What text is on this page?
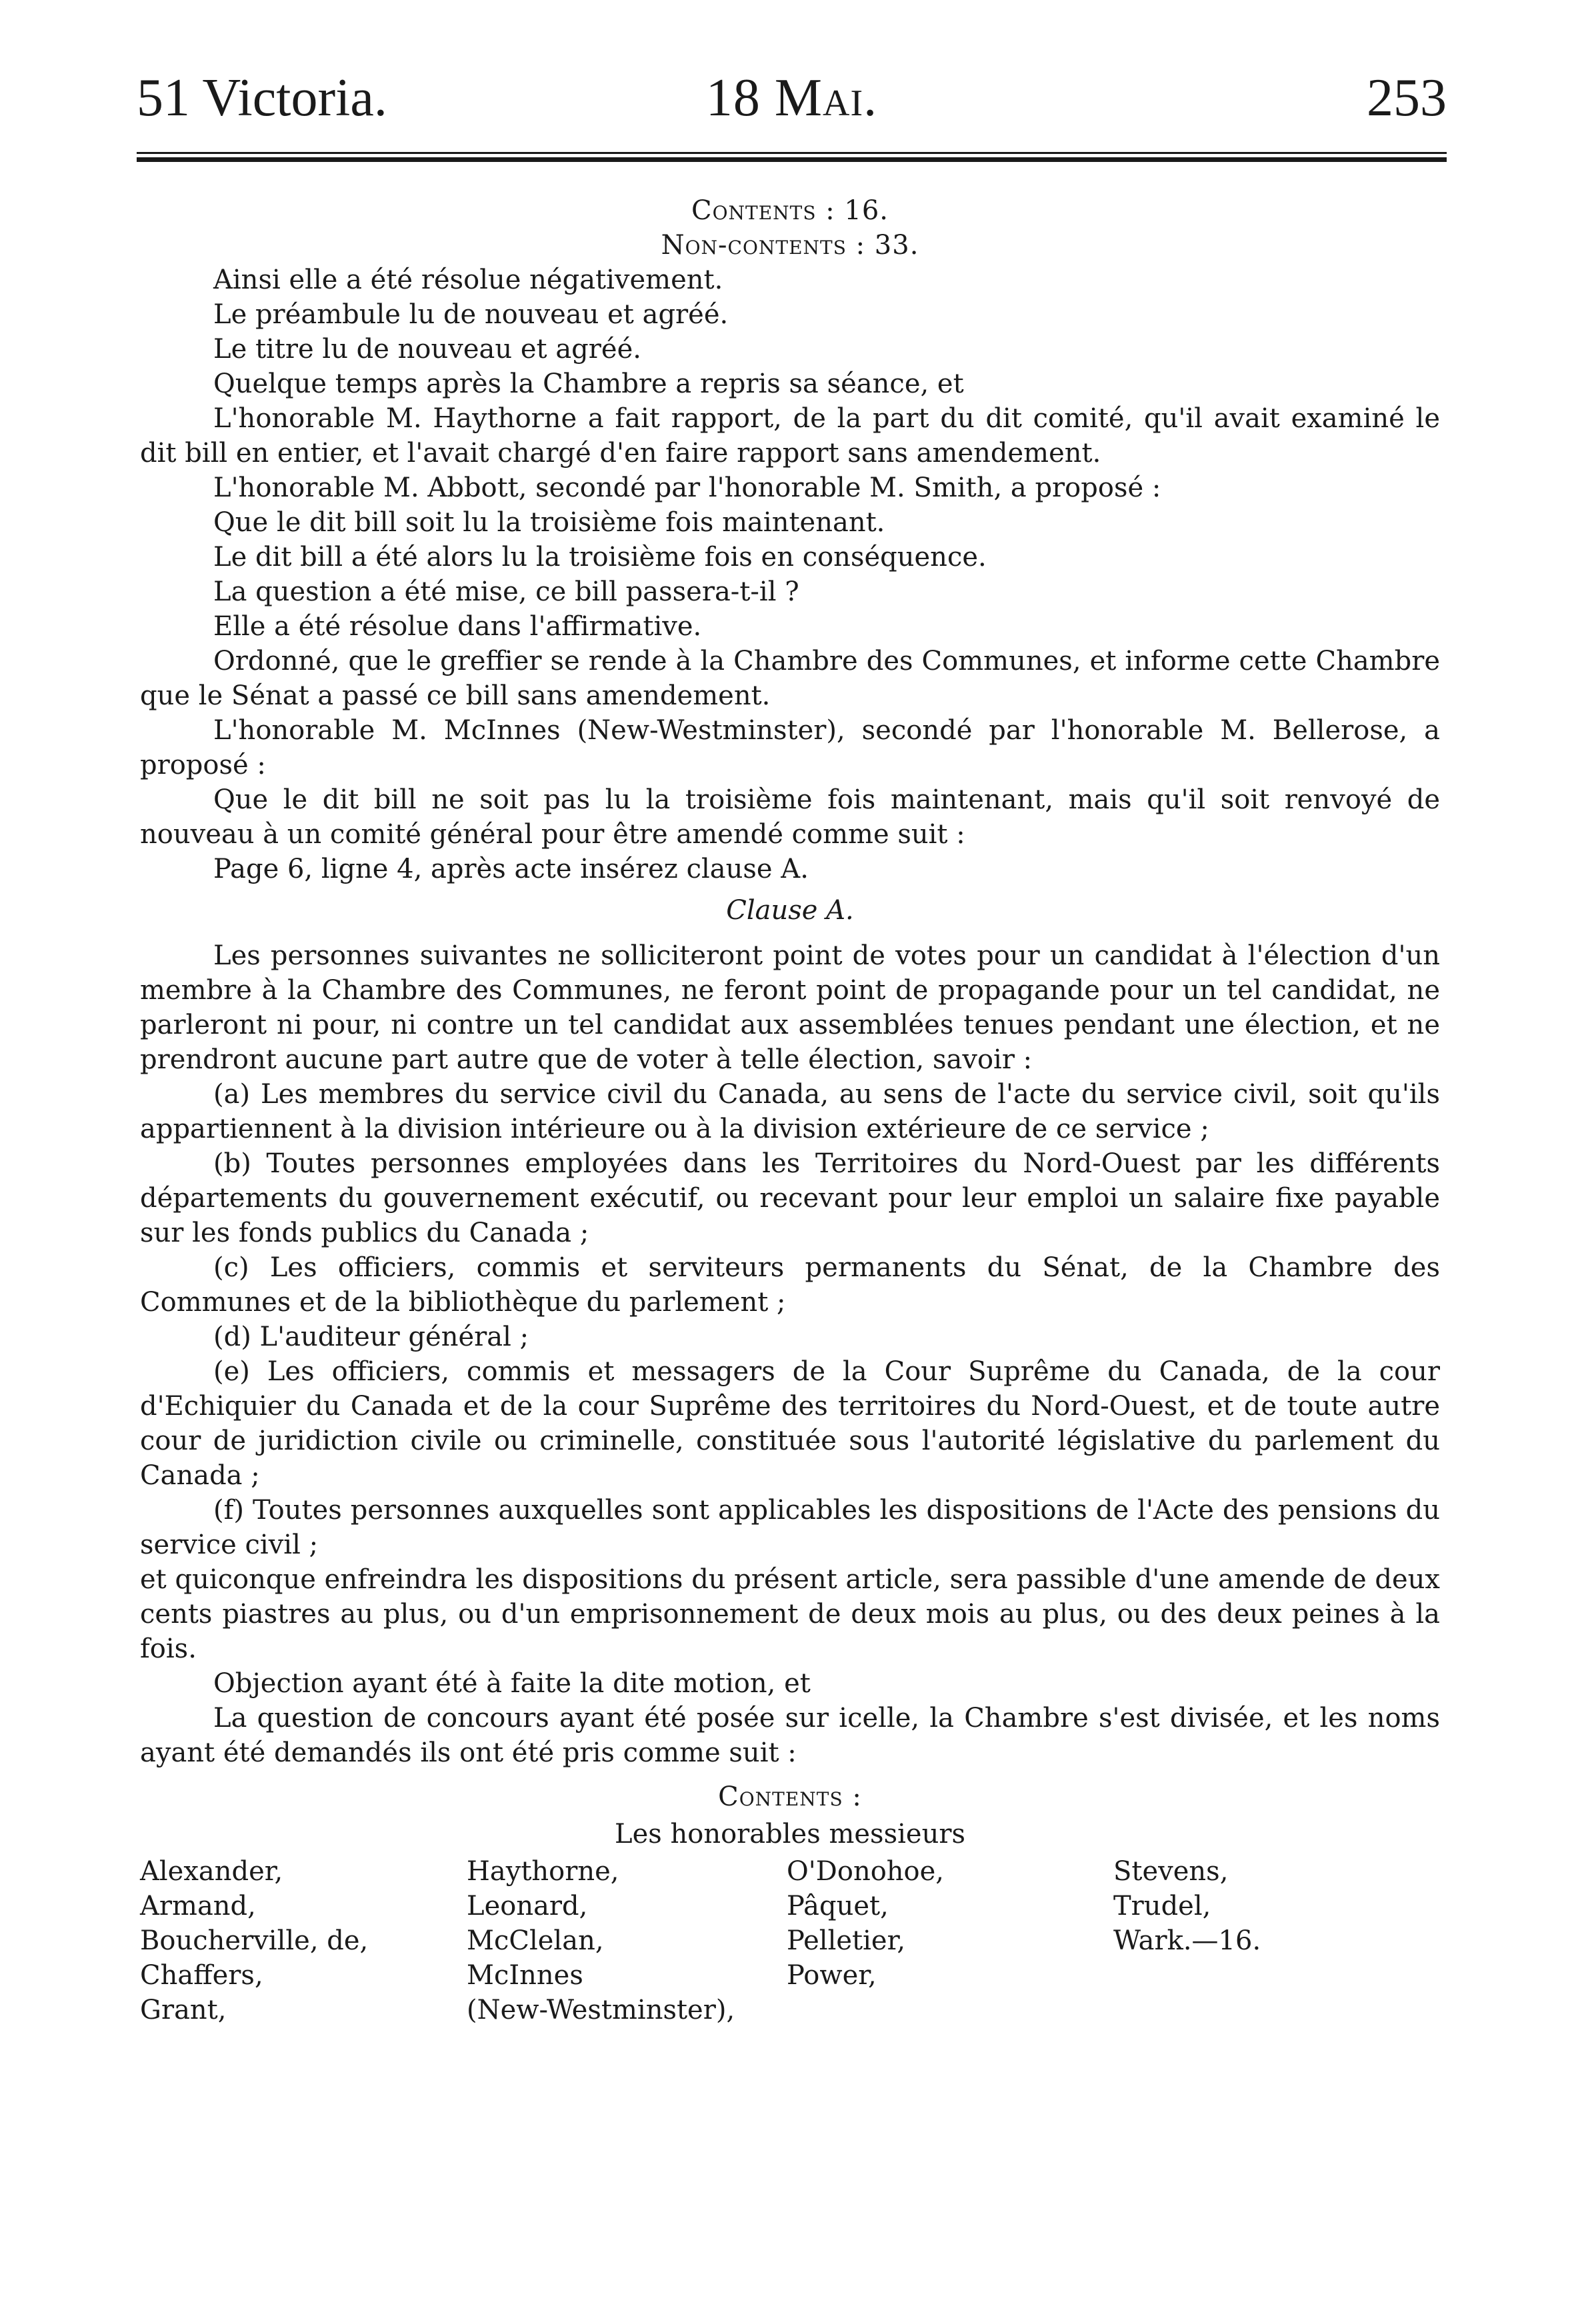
51 Victoria.	18 Mai.	253

Contents : 16.

Non-contents : 33.

Ainsi elle a été résolue négativement.

Le préambule lu de nouveau et agréé.

Le titre lu de nouveau et agréé.

Quelque temps après la Chambre a repris sa séance, et

L'honorable M. Haythorne a fait rapport, de la part du dit comité, qu'il avait examiné le dit bill en entier, et l'avait chargé d'en faire rapport sans amendement.

L'honorable M. Abbott, secondé par l'honorable M. Smith, a proposé :

Que le dit bill soit lu la troisième fois maintenant.

Le dit bill a été alors lu la troisième fois en conséquence.

La question a été mise, ce bill passera-t-il ?

Elle a été résolue dans l'affirmative.

Ordonné, que le greffier se rende à la Chambre des Communes, et informe cette Chambre que le Sénat a passé ce bill sans amendement.

L'honorable M. McInnes (New-Westminster), secondé par l'honorable M. Bellerose, a proposé :

Que le dit bill ne soit pas lu la troisième fois maintenant, mais qu'il soit renvoyé de nouveau à un comité général pour être amendé comme suit :

Page 6, ligne 4, après acte insérez clause A.

Clause A.

Les personnes suivantes ne solliciteront point de votes pour un candidat à l'élection d'un membre à la Chambre des Communes, ne feront point de propagande pour un tel candidat, ne parleront ni pour, ni contre un tel candidat aux assemblées tenues pendant une élection, et ne prendront aucune part autre que de voter à telle élection, savoir :

(a) Les membres du service civil du Canada, au sens de l'acte du service civil, soit qu'ils appartiennent à la division intérieure ou à la division extérieure de ce service ;

(b) Toutes personnes employées dans les Territoires du Nord-Ouest par les différents départements du gouvernement exécutif, ou recevant pour leur emploi un salaire fixe payable sur les fonds publics du Canada ;

(c) Les officiers, commis et serviteurs permanents du Sénat, de la Chambre des Communes et de la bibliothèque du parlement ;

(d) L'auditeur général ;

(e) Les officiers, commis et messagers de la Cour Suprême du Canada, de la cour d'Echiquier du Canada et de la cour Suprême des territoires du Nord-Ouest, et de toute autre cour de juridiction civile ou criminelle, constituée sous l'autorité législative du parlement du Canada ;

(f) Toutes personnes auxquelles sont applicables les dispositions de l'Acte des pensions du service civil ;

et quiconque enfreindra les dispositions du présent article, sera passible d'une amende de deux cents piastres au plus, ou d'un emprisonnement de deux mois au plus, ou des deux peines à la fois.

Objection ayant été à faite la dite motion, et

La question de concours ayant été posée sur icelle, la Chambre s'est divisée, et les noms ayant été demandés ils ont été pris comme suit :

Contents :

Les honorables messieurs

Alexander,
Armand,
Boucherville, de,
Chaffers,
Grant,
Haythorne,
Leonard,
McClelan,
McInnes
(New-Westminster),
O'Donohoe,
Pâquet,
Pelletier,
Power,
Stevens,
Trudel,
Wark.—16.
